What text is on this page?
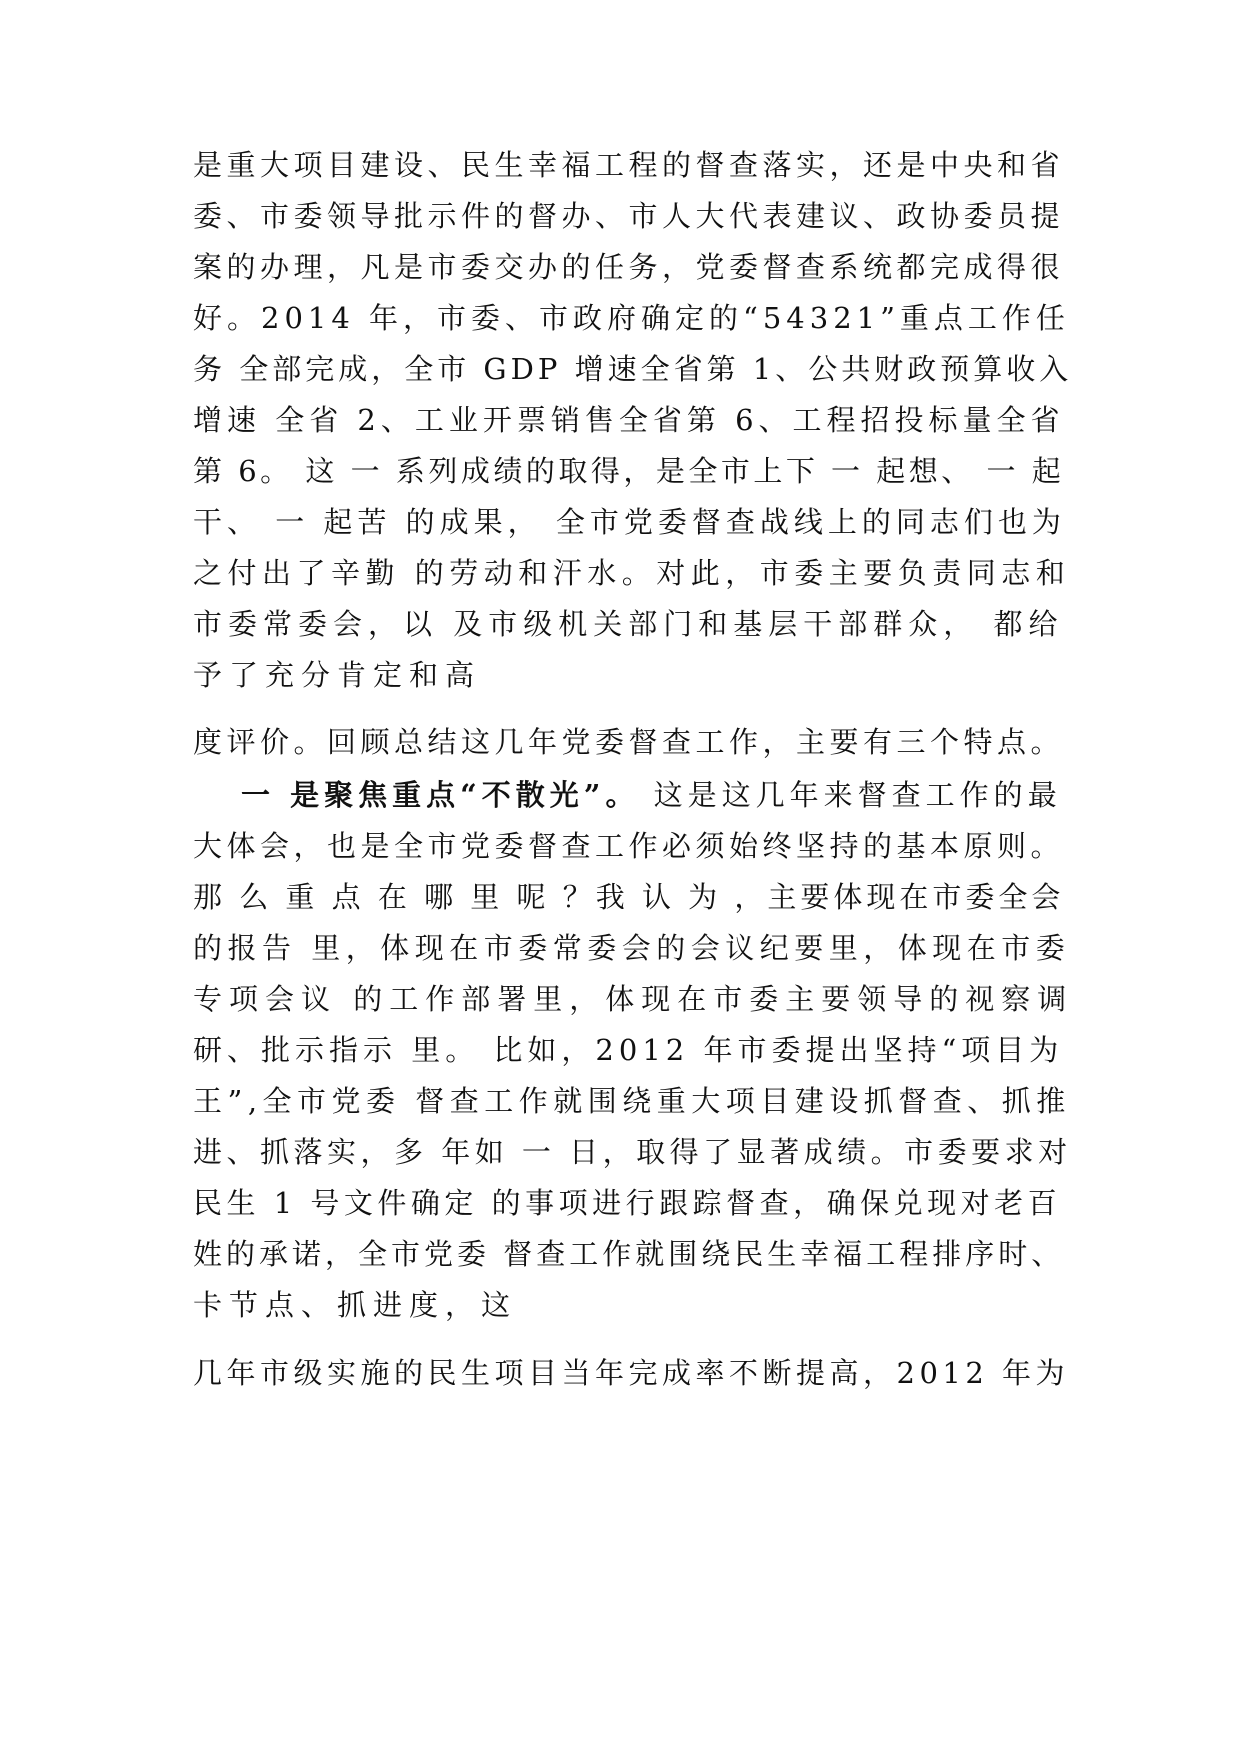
是重大项目建设、民生幸福工程的督查落实，还是中央和省
委、市委领导批示件的督办、市人大代表建议、政协委员提
案的办理，凡是市委交办的任务，党委督查系统都完成得很
好。2014 年，市委、市政府确定的“54321”重点工作任
务 全部完成，全市 GDP 增速全省第 1、公共财政预算收入
增速 全省 2、工业开票销售全省第 6、工程招投标量全省
第 6。 这 一 系列成绩的取得，是全市上下 一 起想、 一 起
干、 一 起苦 的成果， 全市党委督查战线上的同志们也为
之付出了辛勤 的劳动和汗水。对此，市委主要负责同志和
市委常委会，以 及市级机关部门和基层干部群众， 都给
予了充分肯定和高
度评价。回顾总结这几年党委督查工作，主要有三个特点。
一 是聚焦重点“不散光”。 这是这几年来督查工作的最
大体会，也是全市党委督查工作必须始终坚持的基本原则。
那 么 重 点 在 哪 里 呢 ？我 认 为 ，主要体现在市委全会
的报告 里，体现在市委常委会的会议纪要里，体现在市委
专项会议 的工作部署里，体现在市委主要领导的视察调
研、批示指示 里。 比如，2012 年市委提出坚持“项目为
王”,全市党委 督查工作就围绕重大项目建设抓督查、抓推
进、抓落实，多 年如 一 日，取得了显著成绩。市委要求对
民生 1 号文件确定 的事项进行跟踪督查，确保兑现对老百
姓的承诺，全市党委 督查工作就围绕民生幸福工程排序时、
卡节点、抓进度，这
几年市级实施的民生项目当年完成率不断提高，2012 年为
